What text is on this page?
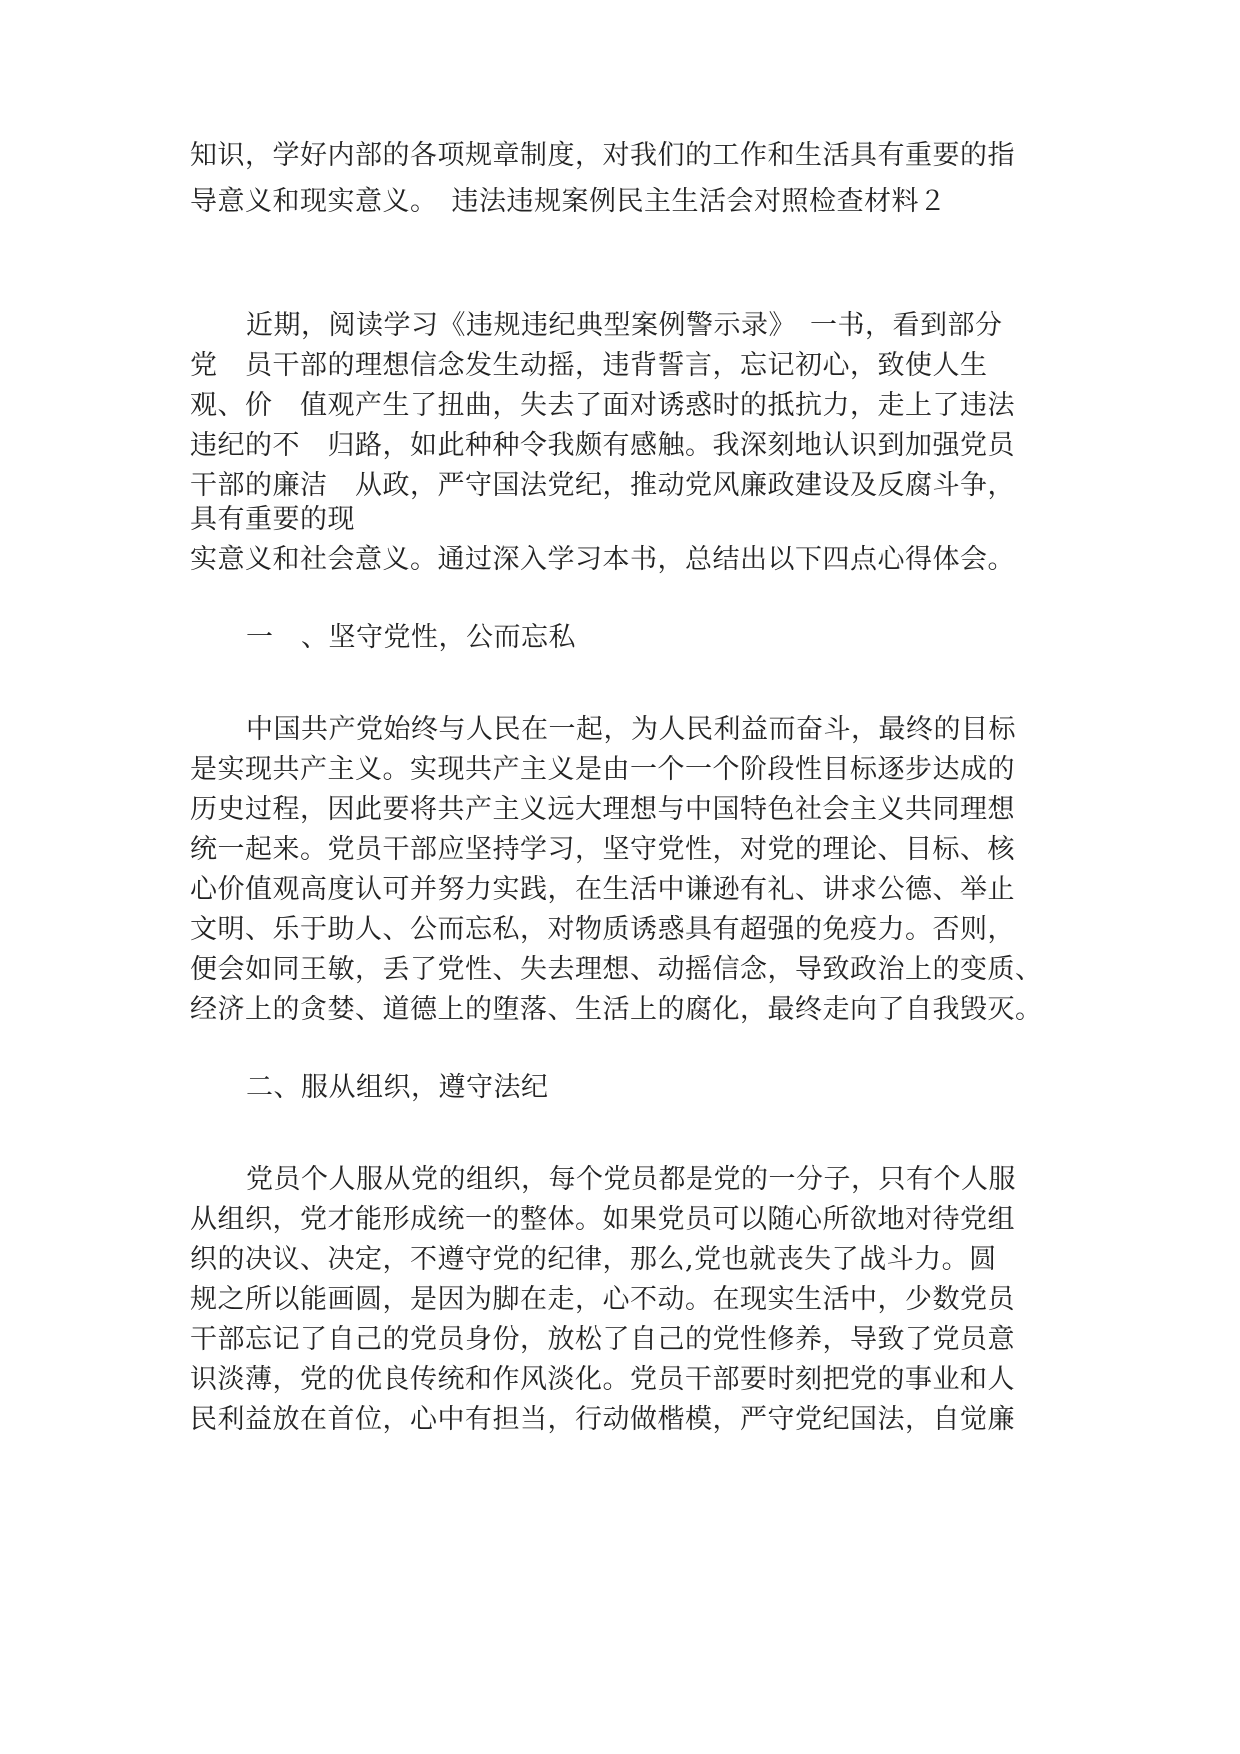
知识，学好内部的各项规章制度，对我们的工作和生活具有重要的指
导意义和现实意义。　违法违规案例民主生活会对照检查材料２
近期，阅读学习《违规违纪典型案例警示录》　一书，看到部分
党　员干部的理想信念发生动摇，违背誓言，忘记初心，致使人生
观、价　值观产生了扭曲，失去了面对诱惑时的抵抗力，走上了违法
违纪的不　归路，如此种种令我颇有感触。我深刻地认识到加强党员
干部的廉洁　从政，严守国法党纪，推动党风廉政建设及反腐斗争，
具有重要的现
实意义和社会意义。通过深入学习本书，总结出以下四点心得体会。
一　、坚守党性，公而忘私
中国共产党始终与人民在一起，为人民利益而奋斗，最终的目标
是实现共产主义。实现共产主义是由一个一个阶段性目标逐步达成的
历史过程，因此要将共产主义远大理想与中国特色社会主义共同理想
统一起来。党员干部应坚持学习，坚守党性，对党的理论、目标、核
心价值观高度认可并努力实践，在生活中谦逊有礼、讲求公德、举止
文明、乐于助人、公而忘私，对物质诱惑具有超强的免疫力。否则，
便会如同王敏，丢了党性、失去理想、动摇信念，导致政治上的变质、
经济上的贪婪、道德上的堕落、生活上的腐化，最终走向了自我毁灭。
二、服从组织，遵守法纪
党员个人服从党的组织，每个党员都是党的一分子，只有个人服
从组织，党才能形成统一的整体。如果党员可以随心所欲地对待党组
织的决议、决定，不遵守党的纪律，那么,党也就丧失了战斗力。圆
规之所以能画圆，是因为脚在走，心不动。在现实生活中，少数党员
干部忘记了自己的党员身份，放松了自己的党性修养，导致了党员意
识淡薄，党的优良传统和作风淡化。党员干部要时刻把党的事业和人
民利益放在首位，心中有担当，行动做楷模，严守党纪国法，自觉廉
